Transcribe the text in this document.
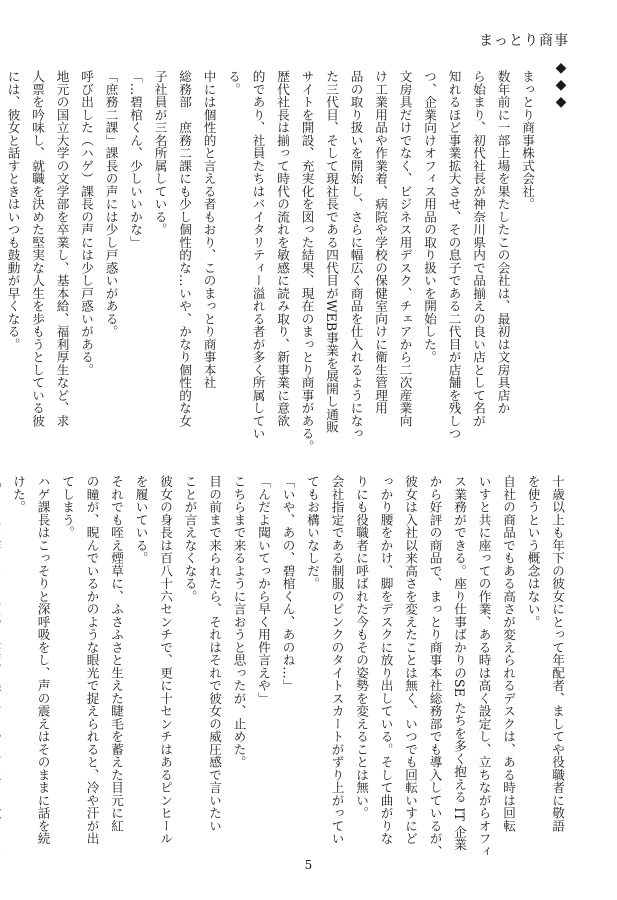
まっとり商事
◆
◆
◆

まっとり商事株式会社。

数年前に一部上場を果たしたこの会社は、最初は文房具店か

ら始まり、初代社長が神奈川県内で品揃えの良い店として名が

知れるほど事業拡大させ、その息子である二代目が店舗を残しつ

つ、企業向けオフィス用品の取り扱いを開始した。

文房具だけでなく、ビジネス用デスク、チェアから二次産業向

け工業用品や作業着、病院や学校の保健室向けに衛生管理用

品の取り扱いを開始し、さらに幅広く商品を仕入れるようになっ

た三代目、そして現社長である四代目がWEB事業を展開し通販

サイトを開設、充実化を図った結果、現在のまっとり商事がある。

歴代社長は揃って時代の流れを敏感に読み取り、新事業に意欲

的であり、社員たちはバイタリティー溢れる者が多く所属してい

る。

中には個性的と言える者もおり、このまっとり商事本社

総務部　庶務二課にも少し個性的な…いや、かなり個性的な女

子社員が三名所属している。

「…碧棺くん、少しいいかな」

「庶務二課」課長の声には少し戸惑いがある。

呼び出した（ハゲ）課長の声には少し戸惑いがある。

地元の国立大学の文学部を卒業し、基本給、福利厚生など、求

人票を吟味し、就職を決めた堅実な人生を歩もうとしている彼

には、彼女と話すときはいつも鼓動が早くなる。

十歳以上も年下の彼女にとって年配者、ましてや役職者に敬語

を使うという概念はない。

自社の商品でもある高さが変えられるデスクは、ある時は回転

いすと共に座っての作業、ある時は高く設定し、立ちながらオフィ

ス業務ができる。座り仕事ばかりのSE たちを多く抱える IT 企業

から好評の商品で、まっとり商事本社総務部でも導入しているが、

彼女は入社以来高さを変えたことは無く、いつでも回転いすにど

っかり腰をかけ、脚をデスクに放り出している。そして曲がりな

りにも役職者に呼ばれた今もその姿勢を変えることは無い。

会社指定である制服のピンクのタイトスカートがずり上がってい

てもお構いなしだ。

「いや、あの、碧棺くん、あのね…」

「んだよ聞いてっから早く用件言えや」

こちらまで来るように言おうと思ったが、止めた。

目の前まで来られたら、それはそれで彼女の威圧感で言いたい

ことが言えなくなる。

彼女の身長は百八十六センチで、更に十センチはあるピンヒール

を履いている。

それでも咥え煙草に、ふさふさと生えた睫毛を蓄えた目元に紅

の瞳が、睨んでいるかのような眼光で捉えられると、冷や汗が出

てしまう。

ハゲ課長はこっそりと深呼吸をし、声の震えはそのままに話を続

けた。

5
